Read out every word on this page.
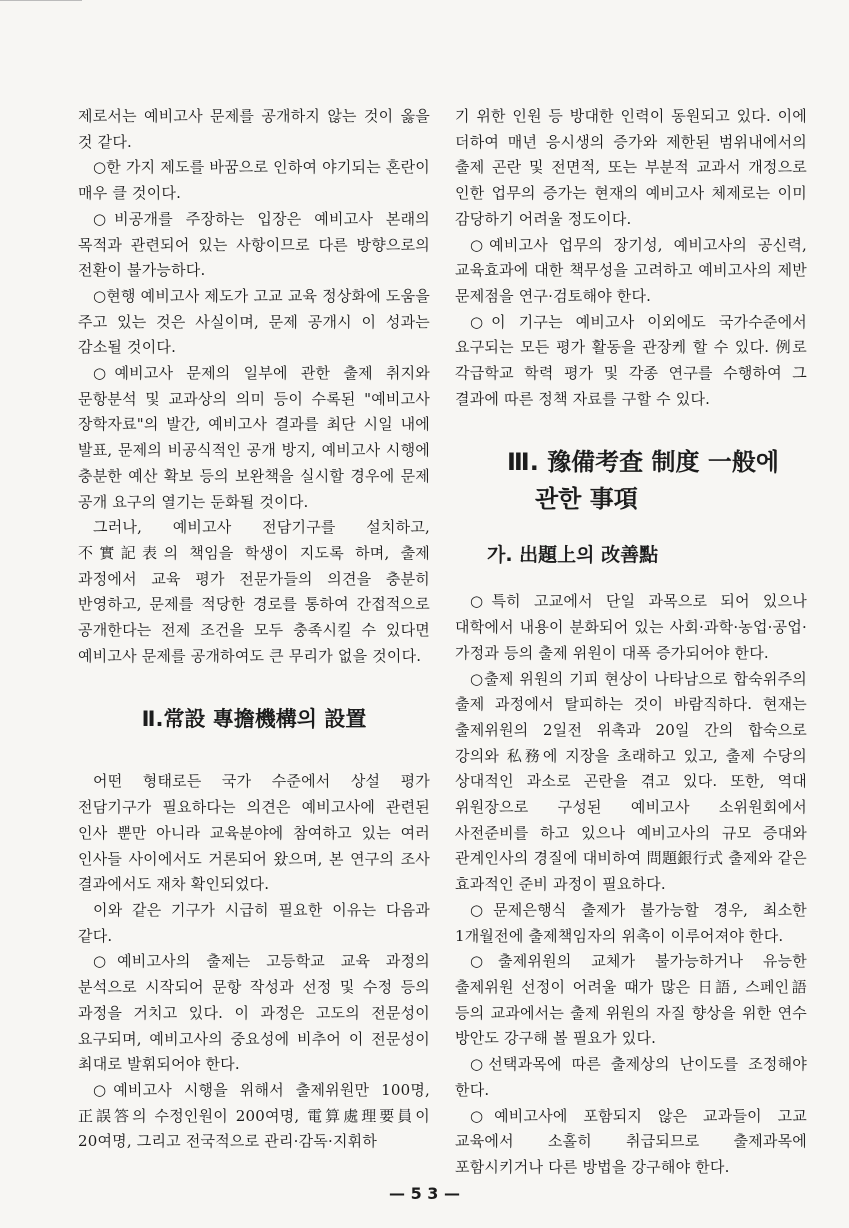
제로서는 예비고사 문제를 공개하지 않는 것이 옳을 것 같다.

○한 가지 제도를 바꿈으로 인하여 야기되는 혼란이 매우 클 것이다.

○비공개를 주장하는 입장은 예비고사 본래의 목적과 관련되어 있는 사항이므로 다른 방향으로의 전환이 불가능하다.

○현행 예비고사 제도가 고교 교육 정상화에 도움을 주고 있는 것은 사실이며, 문제 공개시 이 성과는 감소될 것이다.

○예비고사 문제의 일부에 관한 출제 취지와 문항분석 및 교과상의 의미 등이 수록된 "예비고사 장학자료"의 발간, 예비고사 결과를 최단 시일 내에 발표, 문제의 비공식적인 공개 방지, 예비고사 시행에 충분한 예산 확보 등의 보완책을 실시할 경우에 문제 공개 요구의 열기는 둔화될 것이다.

그러나, 예비고사 전담기구를 설치하고, 不實記表의 책임을 학생이 지도록 하며, 출제 과정에서 교육 평가 전문가들의 의견을 충분히 반영하고, 문제를 적당한 경로를 통하여 간접적으로 공개한다는 전제 조건을 모두 충족시킬 수 있다면 예비고사 문제를 공개하여도 큰 무리가 없을 것이다.

Ⅱ.常設 專擔機構의 設置

어떤 형태로든 국가 수준에서 상설 평가 전담기구가 필요하다는 의견은 예비고사에 관련된 인사 뿐만 아니라 교육분야에 참여하고 있는 여러 인사들 사이에서도 거론되어 왔으며, 본 연구의 조사 결과에서도 재차 확인되었다.

이와 같은 기구가 시급히 필요한 이유는 다음과 같다.

○예비고사의 출제는 고등학교 교육 과정의 분석으로 시작되어 문항 작성과 선정 및 수정 등의 과정을 거치고 있다. 이 과정은 고도의 전문성이 요구되며, 예비고사의 중요성에 비추어 이 전문성이 최대로 발휘되어야 한다.

○예비고사 시행을 위해서 출제위원만 100명, 正誤答의 수정인원이 200여명, 電算處理要員이 20여명, 그리고 전국적으로 관리·감독·지휘하

기 위한 인원 등 방대한 인력이 동원되고 있다. 이에 더하여 매년 응시생의 증가와 제한된 범위내에서의 출제 곤란 및 전면적, 또는 부분적 교과서 개정으로 인한 업무의 증가는 현재의 예비고사 체제로는 이미 감당하기 어려울 정도이다.

○예비고사 업무의 장기성, 예비고사의 공신력, 교육효과에 대한 책무성을 고려하고 예비고사의 제반 문제점을 연구·검토해야 한다.

○이 기구는 예비고사 이외에도 국가수준에서 요구되는 모든 평가 활동을 관장케 할 수 있다. 例로 각급학교 학력 평가 및 각종 연구를 수행하여 그 결과에 따른 정책 자료를 구할 수 있다.

Ⅲ. 豫備考査 制度 一般에
관한 事項
가. 出題上의 改善點

○특히 고교에서 단일 과목으로 되어 있으나 대학에서 내용이 분화되어 있는 사회·과학·농업·공업·가정과 등의 출제 위원이 대폭 증가되어야 한다.

○출제 위원의 기피 현상이 나타남으로 합숙위주의 출제 과정에서 탈피하는 것이 바람직하다. 현재는 출제위원의 2일전 위촉과 20일 간의 합숙으로 강의와 私務에 지장을 초래하고 있고, 출제 수당의 상대적인 과소로 곤란을 겪고 있다. 또한, 역대 위원장으로 구성된 예비고사 소위원회에서 사전준비를 하고 있으나 예비고사의 규모 증대와 관계인사의 경질에 대비하여 問題銀行式 출제와 같은 효과적인 준비 과정이 필요하다.

○문제은행식 출제가 불가능할 경우, 최소한 1개월전에 출제책임자의 위촉이 이루어져야 한다.

○출제위원의 교체가 불가능하거나 유능한 출제위원 선정이 어려울 때가 많은 日語, 스페인語 등의 교과에서는 출제 위원의 자질 향상을 위한 연수 방안도 강구해 볼 필요가 있다.

○선택과목에 따른 출제상의 난이도를 조정해야 한다.

○예비고사에 포함되지 않은 교과들이 고교 교육에서 소홀히 취급되므로 출제과목에 포함시키거나 다른 방법을 강구해야 한다.

— 5 3 —
